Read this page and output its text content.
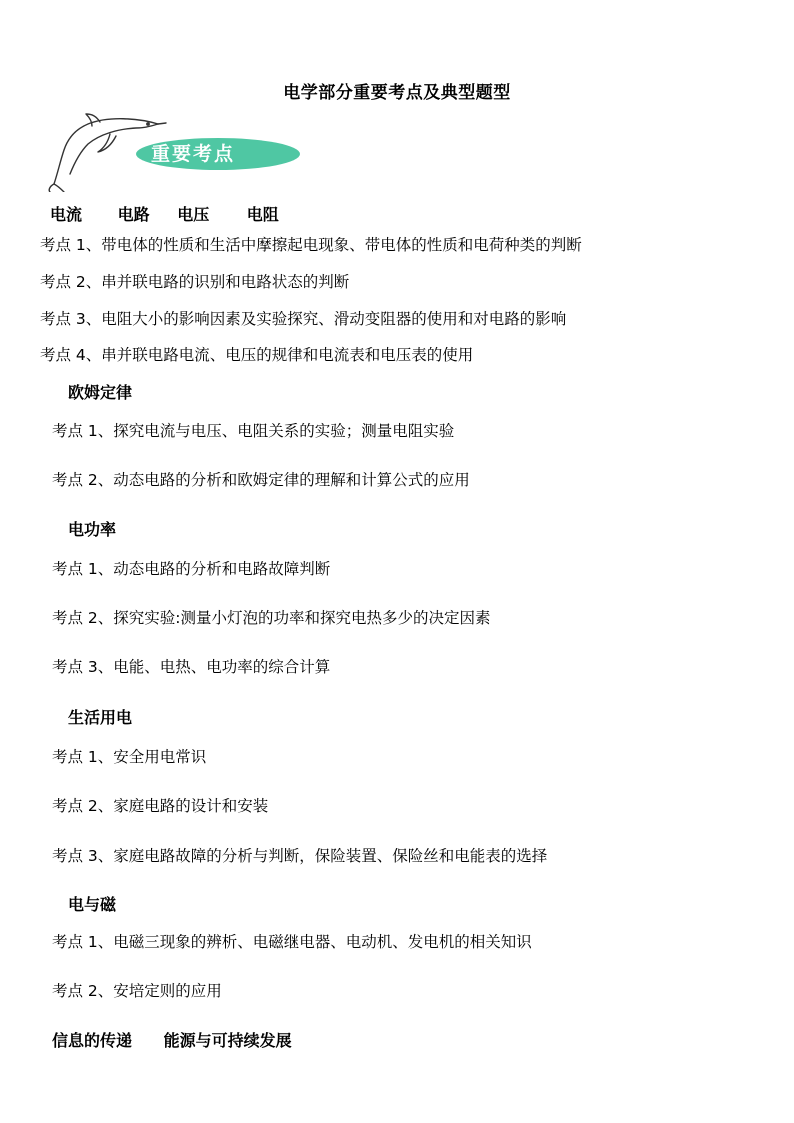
电学部分重要考点及典型题型
重要考点
电流 电路 电压 电阻
考点 1、带电体的性质和生活中摩擦起电现象、带电体的性质和电荷种类的判断
考点 2、串并联电路的识别和电路状态的判断
考点 3、电阻大小的影响因素及实验探究、滑动变阻器的使用和对电路的影响
考点 4、串并联电路电流、电压的规律和电流表和电压表的使用
欧姆定律
考点 1、探究电流与电压、电阻关系的实验；测量电阻实验
考点 2、动态电路的分析和欧姆定律的理解和计算公式的应用
电功率
考点 1、动态电路的分析和电路故障判断
考点 2、探究实验:测量小灯泡的功率和探究电热多少的决定因素
考点 3、电能、电热、电功率的综合计算
生活用电
考点 1、安全用电常识
考点 2、家庭电路的设计和安装
考点 3、家庭电路故障的分析与判断，保险装置、保险丝和电能表的选择
电与磁
考点 1、电磁三现象的辨析、电磁继电器、电动机、发电机的相关知识
考点 2、安培定则的应用
信息的传递 能源与可持续发展
